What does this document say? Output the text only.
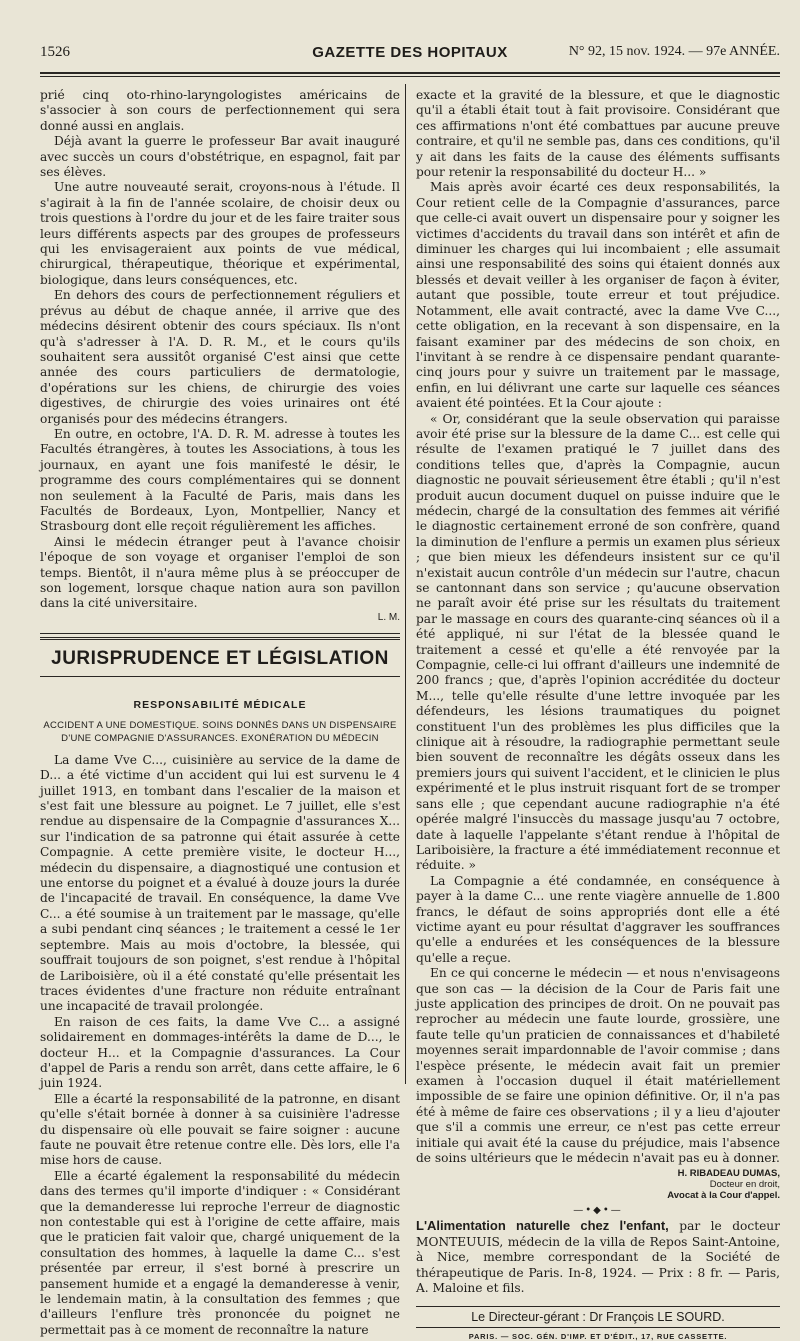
1526	GAZETTE DES HOPITAUX	N° 92, 15 nov. 1924. — 97e ANNÉE.

prié cinq oto-rhino-laryngologistes américains de s'associer à son cours de perfectionnement qui sera donné aussi en anglais.

Déjà avant la guerre le professeur Bar avait inauguré avec succès un cours d'obstétrique, en espagnol, fait par ses élèves.

Une autre nouveauté serait, croyons-nous à l'étude. Il s'agirait à la fin de l'année scolaire, de choisir deux ou trois questions à l'ordre du jour et de les faire traiter sous leurs différents aspects par des groupes de professeurs qui les envisageraient aux points de vue médical, chirurgical, thérapeutique, théorique et expérimental, biologique, dans leurs conséquences, etc.

En dehors des cours de perfectionnement réguliers et prévus au début de chaque année, il arrive que des médecins désirent obtenir des cours spéciaux. Ils n'ont qu'à s'adresser à l'A. D. R. M., et le cours qu'ils souhaitent sera aussitôt organisé C'est ainsi que cette année des cours particuliers de dermatologie, d'opérations sur les chiens, de chirurgie des voies digestives, de chirurgie des voies urinaires ont été organisés pour des médecins étrangers.

En outre, en octobre, l'A. D. R. M. adresse à toutes les Facultés étrangères, à toutes les Associations, à tous les journaux, en ayant une fois manifesté le désir, le programme des cours complémentaires qui se donnent non seulement à la Faculté de Paris, mais dans les Facultés de Bordeaux, Lyon, Montpellier, Nancy et Strasbourg dont elle reçoit régulièrement les affiches.

Ainsi le médecin étranger peut à l'avance choisir l'époque de son voyage et organiser l'emploi de son temps. Bientôt, il n'aura même plus à se préoccuper de son logement, lorsque chaque nation aura son pavillon dans la cité universitaire.

L. M.
JURISPRUDENCE ET LÉGISLATION
RESPONSABILITÉ MÉDICALE
ACCIDENT A UNE DOMESTIQUE. SOINS DONNÉS DANS UN DISPENSAIRE D'UNE COMPAGNIE D'ASSURANCES. EXONÉRATION DU MÉDECIN

La dame Vve C..., cuisinière au service de la dame de D... a été victime d'un accident qui lui est survenu le 4 juillet 1913, en tombant dans l'escalier de la maison et s'est fait une blessure au poignet. Le 7 juillet, elle s'est rendue au dispensaire de la Compagnie d'assurances X... sur l'indication de sa patronne qui était assurée à cette Compagnie. A cette première visite, le docteur H..., médecin du dispensaire, a diagnostiqué une contusion et une entorse du poignet et a évalué à douze jours la durée de l'incapacité de travail. En conséquence, la dame Vve C... a été soumise à un traitement par le massage, qu'elle a subi pendant cinq séances ; le traitement a cessé le 1er septembre. Mais au mois d'octobre, la blessée, qui souffrait toujours de son poignet, s'est rendue à l'hôpital de Lariboisière, où il a été constaté qu'elle présentait les traces évidentes d'une fracture non réduite entraînant une incapacité de travail prolongée.

En raison de ces faits, la dame Vve C... a assigné solidairement en dommages-intérêts la dame de D..., le docteur H... et la Compagnie d'assurances. La Cour d'appel de Paris a rendu son arrêt, dans cette affaire, le 6 juin 1924.

Elle a écarté la responsabilité de la patronne, en disant qu'elle s'était bornée à donner à sa cuisinière l'adresse du dispensaire où elle pouvait se faire soigner : aucune faute ne pouvait être retenue contre elle. Dès lors, elle l'a mise hors de cause.

Elle a écarté également la responsabilité du médecin dans des termes qu'il importe d'indiquer : « Considérant que la demanderesse lui reproche l'erreur de diagnostic non contestable qui est à l'origine de cette affaire, mais que le praticien fait valoir que, chargé uniquement de la consultation des hommes, à laquelle la dame C... s'est présentée par erreur, il s'est borné à prescrire un pansement humide et a engagé la demanderesse à venir, le lendemain matin, à la consultation des femmes ; que d'ailleurs l'enflure très prononcée du poignet ne permettait pas à ce moment de reconnaître la nature

exacte et la gravité de la blessure, et que le diagnostic qu'il a établi était tout à fait provisoire. Considérant que ces affirmations n'ont été combattues par aucune preuve contraire, et qu'il ne semble pas, dans ces conditions, qu'il y ait dans les faits de la cause des éléments suffisants pour retenir la responsabilité du docteur H... »

Mais après avoir écarté ces deux responsabilités, la Cour retient celle de la Compagnie d'assurances, parce que celle-ci avait ouvert un dispensaire pour y soigner les victimes d'accidents du travail dans son intérêt et afin de diminuer les charges qui lui incombaient ; elle assumait ainsi une responsabilité des soins qui étaient donnés aux blessés et devait veiller à les organiser de façon à éviter, autant que possible, toute erreur et tout préjudice. Notamment, elle avait contracté, avec la dame Vve C..., cette obligation, en la recevant à son dispensaire, en la faisant examiner par des médecins de son choix, en l'invitant à se rendre à ce dispensaire pendant quarante-cinq jours pour y suivre un traitement par le massage, enfin, en lui délivrant une carte sur laquelle ces séances avaient été pointées. Et la Cour ajoute :

« Or, considérant que la seule observation qui paraisse avoir été prise sur la blessure de la dame C... est celle qui résulte de l'examen pratiqué le 7 juillet dans des conditions telles que, d'après la Compagnie, aucun diagnostic ne pouvait sérieusement être établi ; qu'il n'est produit aucun document duquel on puisse induire que le médecin, chargé de la consultation des femmes ait vérifié le diagnostic certainement erroné de son confrère, quand la diminution de l'enflure a permis un examen plus sérieux ; que bien mieux les défendeurs insistent sur ce qu'il n'existait aucun contrôle d'un médecin sur l'autre, chacun se cantonnant dans son service ; qu'aucune observation ne paraît avoir été prise sur les résultats du traitement par le massage en cours des quarante-cinq séances où il a été appliqué, ni sur l'état de la blessée quand le traitement a cessé et qu'elle a été renvoyée par la Compagnie, celle-ci lui offrant d'ailleurs une indemnité de 200 francs ; que, d'après l'opinion accréditée du docteur M..., telle qu'elle résulte d'une lettre invoquée par les défendeurs, les lésions traumatiques du poignet constituent l'un des problèmes les plus difficiles que la clinique ait à résoudre, la radiographie permettant seule bien souvent de reconnaître les dégâts osseux dans les premiers jours qui suivent l'accident, et le clinicien le plus expérimenté et le plus instruit risquant fort de se tromper sans elle ; que cependant aucune radiographie n'a été opérée malgré l'insuccès du massage jusqu'au 7 octobre, date à laquelle l'appelante s'étant rendue à l'hôpital de Lariboisière, la fracture a été immédiatement reconnue et réduite. »

La Compagnie a été condamnée, en conséquence à payer à la dame C... une rente viagère annuelle de 1.800 francs, le défaut de soins appropriés dont elle a été victime ayant eu pour résultat d'aggraver les souffrances qu'elle a endurées et les conséquences de la blessure qu'elle a reçue.

En ce qui concerne le médecin — et nous n'envisageons que son cas — la décision de la Cour de Paris fait une juste application des principes de droit. On ne pouvait pas reprocher au médecin une faute lourde, grossière, une faute telle qu'un praticien de connaissances et d'habileté moyennes serait impardonnable de l'avoir commise ; dans l'espèce présente, le médecin avait fait un premier examen à l'occasion duquel il était matériellement impossible de se faire une opinion définitive. Or, il n'a pas été à même de faire ces observations ; il y a lieu d'ajouter que s'il a commis une erreur, ce n'est pas cette erreur initiale qui avait été la cause du préjudice, mais l'absence de soins ultérieurs que le médecin n'avait pas eu à donner.

H. RIBADEAU DUMAS,
Docteur en droit,
Avocat à la Cour d'appel.
—•◆•—

L'Alimentation naturelle chez l'enfant, par le docteur MONTEUUIS, médecin de la villa de Repos Saint-Antoine, à Nice, membre correspondant de la Société de thérapeutique de Paris. In-8, 1924. — Prix : 8 fr. — Paris, A. Maloine et fils.

Le Directeur-gérant : Dr François LE SOURD.
PARIS. — SOC. GÉN. D'IMP. ET D'ÉDIT., 17, RUE CASSETTE.
